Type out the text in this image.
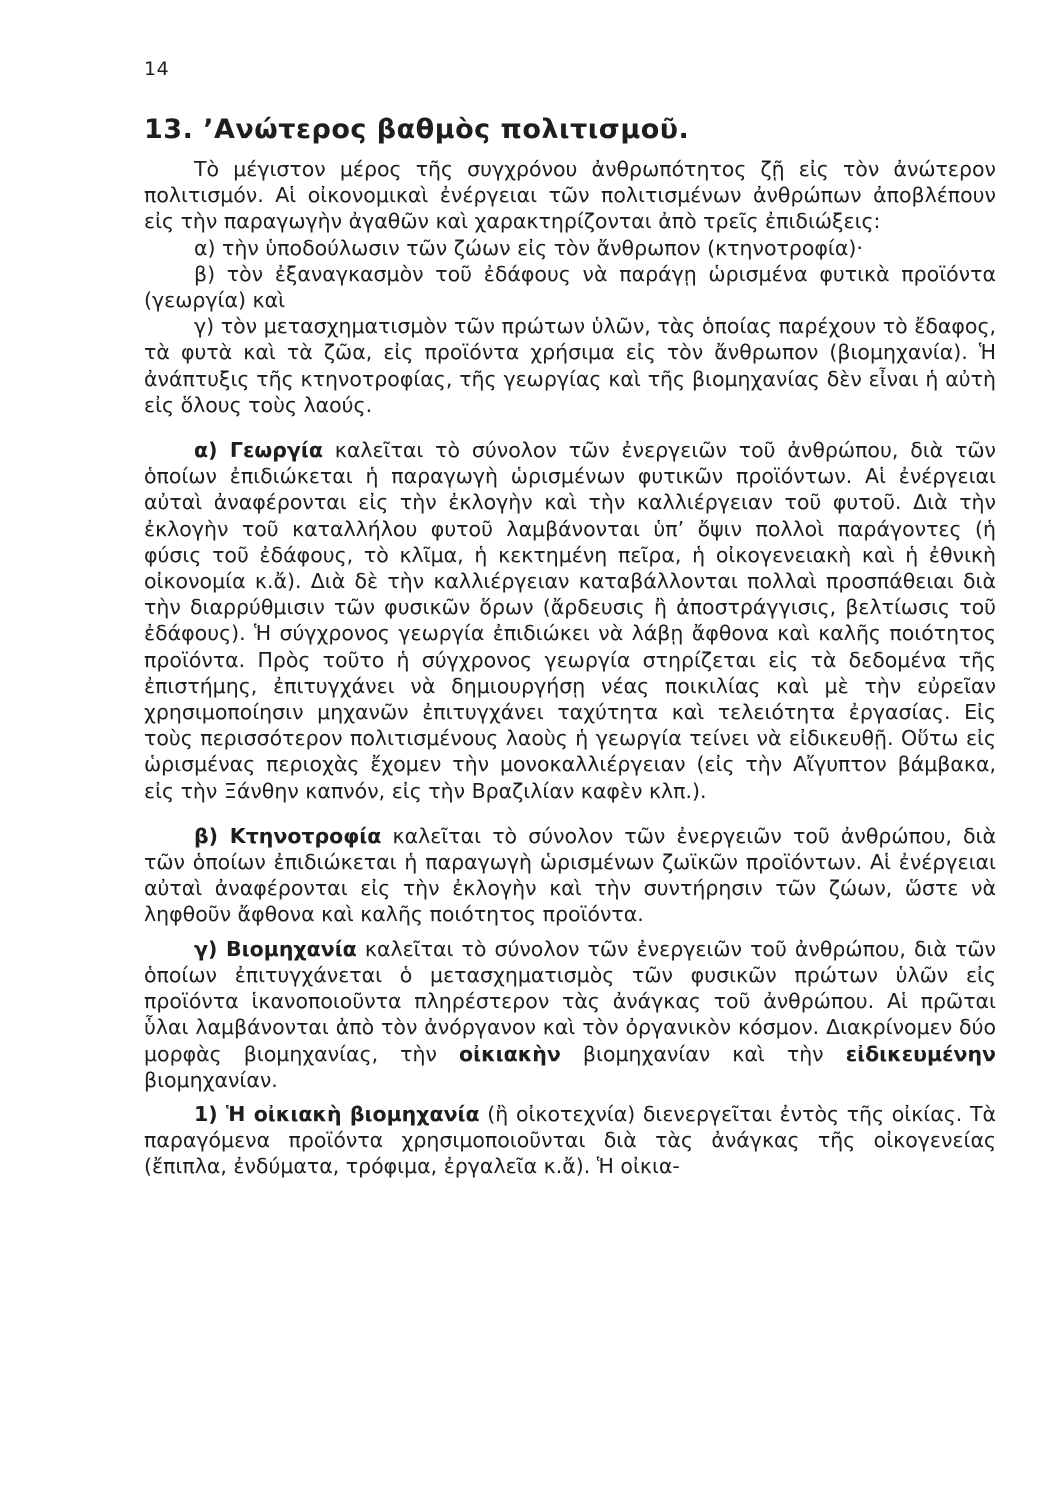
14
13. ’Ανώτερος βαθμὸς πολιτισμοῦ.

Τὸ μέγιστον μέρος τῆς συγχρόνου ἀνθρωπότητος ζῇ εἰς τὸν ἀνώτερον πολιτισμόν. Αἱ οἰκονομικαὶ ἐνέργειαι τῶν πολιτισμένων ἀνθρώπων ἀποβλέπουν εἰς τὴν παραγωγὴν ἀγαθῶν καὶ χαρακτηρίζονται ἀπὸ τρεῖς ἐπιδιώξεις:

α) τὴν ὑποδούλωσιν τῶν ζώων εἰς τὸν ἄνθρωπον (κτηνοτροφία)·

β) τὸν ἐξαναγκασμὸν τοῦ ἐδάφους νὰ παράγῃ ὡρισμένα φυτικὰ προϊόντα (γεωργία) καὶ

γ) τὸν μετασχηματισμὸν τῶν πρώτων ὑλῶν, τὰς ὁποίας παρέχουν τὸ ἔδαφος, τὰ φυτὰ καὶ τὰ ζῶα, εἰς προϊόντα χρήσιμα εἰς τὸν ἄνθρωπον (βιομηχανία). Ἡ ἀνάπτυξις τῆς κτηνοτροφίας, τῆς γεωργίας καὶ τῆς βιομηχανίας δὲν εἶναι ἡ αὐτὴ εἰς ὅλους τοὺς λαούς.

α) Γεωργία καλεῖται τὸ σύνολον τῶν ἐνεργειῶν τοῦ ἀνθρώπου, διὰ τῶν ὁποίων ἐπιδιώκεται ἡ παραγωγὴ ὡρισμένων φυτικῶν προϊόντων. Αἱ ἐνέργειαι αὐταὶ ἀναφέρονται εἰς τὴν ἐκλογὴν καὶ τὴν καλλιέργειαν τοῦ φυτοῦ. Διὰ τὴν ἐκλογὴν τοῦ καταλλήλου φυτοῦ λαμβάνονται ὑπ’ ὄψιν πολλοὶ παράγοντες (ἡ φύσις τοῦ ἐδάφους, τὸ κλῖμα, ἡ κεκτημένη πεῖρα, ἡ οἰκογενειακὴ καὶ ἡ ἐθνικὴ οἰκονομία κ.ἄ). Διὰ δὲ τὴν καλλιέργειαν καταβάλλονται πολλαὶ προσπάθειαι διὰ τὴν διαρρύθμισιν τῶν φυσικῶν ὅρων (ἄρδευσις ἢ ἀποστράγγισις, βελτίωσις τοῦ ἐδάφους). Ἡ σύγχρονος γεωργία ἐπιδιώκει νὰ λάβῃ ἄφθονα καὶ καλῆς ποιότητος προϊόντα. Πρὸς τοῦτο ἡ σύγχρονος γεωργία στηρίζεται εἰς τὰ δεδομένα τῆς ἐπιστήμης, ἐπιτυγχάνει νὰ δημιουργήσῃ νέας ποικιλίας καὶ μὲ τὴν εὐρεῖαν χρησιμοποίησιν μηχανῶν ἐπιτυγχάνει ταχύτητα καὶ τελειότητα ἐργασίας. Εἰς τοὺς περισσότερον πολιτισμένους λαοὺς ἡ γεωργία τείνει νὰ εἰδικευθῇ. Οὕτω εἰς ὡρισμένας περιοχὰς ἔχομεν τὴν μονοκαλλιέργειαν (εἰς τὴν Αἴγυπτον βάμβακα, εἰς τὴν Ξάνθην καπνόν, εἰς τὴν Βραζιλίαν καφὲν κλπ.).

β) Κτηνοτροφία καλεῖται τὸ σύνολον τῶν ἐνεργειῶν τοῦ ἀνθρώπου, διὰ τῶν ὁποίων ἐπιδιώκεται ἡ παραγωγὴ ὡρισμένων ζωϊκῶν προϊόντων. Αἱ ἐνέργειαι αὐταὶ ἀναφέρονται εἰς τὴν ἐκλογὴν καὶ τὴν συντήρησιν τῶν ζώων, ὥστε νὰ ληφθοῦν ἄφθονα καὶ καλῆς ποιότητος προϊόντα.

γ) Βιομηχανία καλεῖται τὸ σύνολον τῶν ἐνεργειῶν τοῦ ἀνθρώπου, διὰ τῶν ὁποίων ἐπιτυγχάνεται ὁ μετασχηματισμὸς τῶν φυσικῶν πρώτων ὑλῶν εἰς προϊόντα ἱκανοποιοῦντα πληρέστερον τὰς ἀνάγκας τοῦ ἀνθρώπου. Αἱ πρῶται ὗλαι λαμβάνονται ἀπὸ τὸν ἀνόργανον καὶ τὸν ὀργανικὸν κόσμον. Διακρίνομεν δύο μορφὰς βιομηχανίας, τὴν οἰκιακὴν βιομηχανίαν καὶ τὴν εἰδικευμένην βιομηχανίαν.

1) Ἡ οἰκιακὴ βιομηχανία (ἢ οἰκοτεχνία) διενεργεῖται ἐντὸς τῆς οἰκίας. Τὰ παραγόμενα προϊόντα χρησιμοποιοῦνται διὰ τὰς ἀνάγκας τῆς οἰκογενείας (ἔπιπλα, ἐνδύματα, τρόφιμα, ἐργαλεῖα κ.ἄ). Ἡ οἰκια-
